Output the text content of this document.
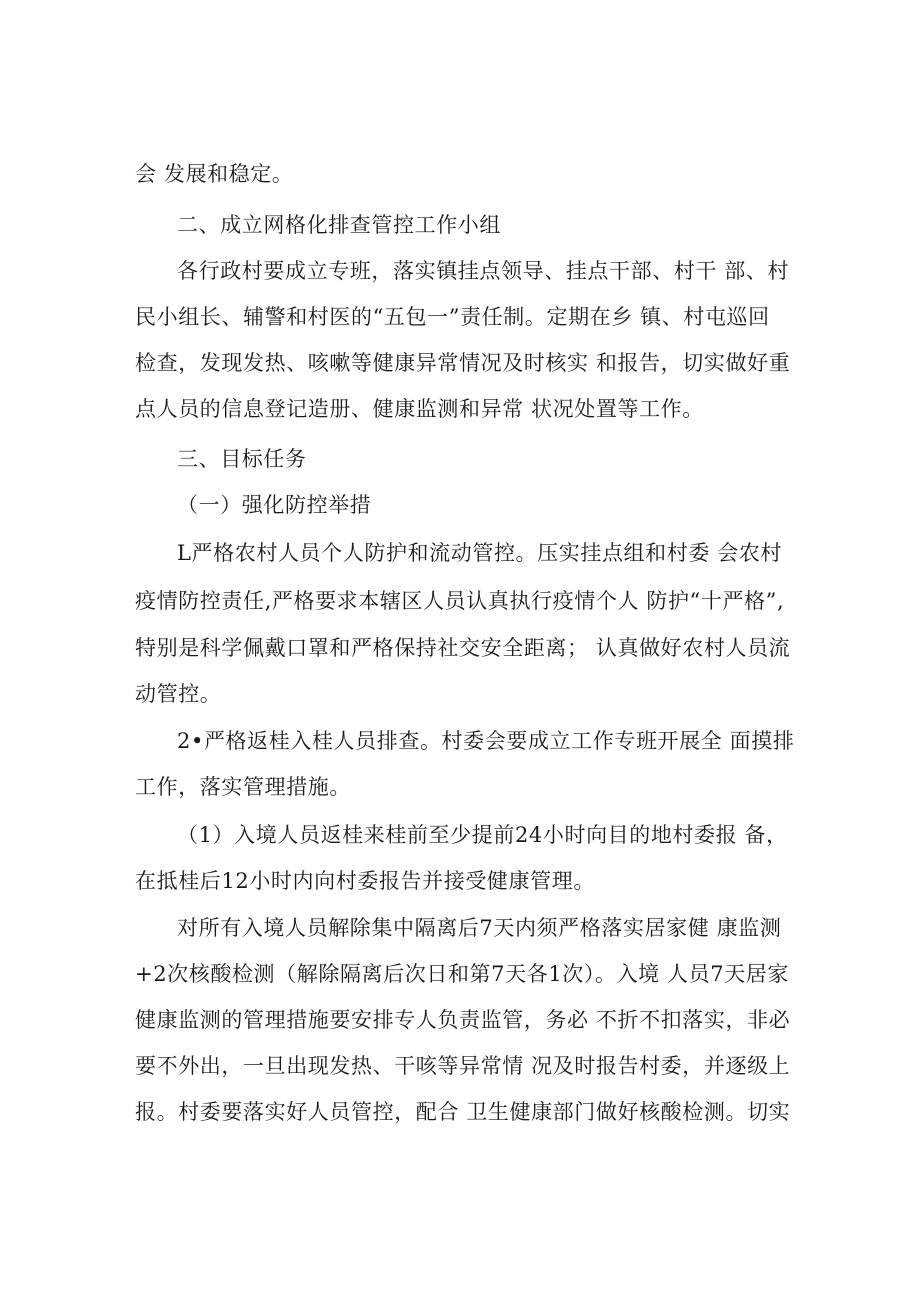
会 发展和稳定。
二、成立网格化排查管控工作小组
各行政村要成立专班，落实镇挂点领导、挂点干部、村干 部、村
民小组长、辅警和村医的“五包一”责任制。定期在乡 镇、村屯巡回
检查，发现发热、咳嗽等健康异常情况及时核实 和报告，切实做好重
点人员的信息登记造册、健康监测和异常 状况处置等工作。
三、目标任务
（一）强化防控举措
L严格农村人员个人防护和流动管控。压实挂点组和村委 会农村
疫情防控责任,严格要求本辖区人员认真执行疫情个人 防护“十严格”,
特别是科学佩戴口罩和严格保持社交安全距离； 认真做好农村人员流
动管控。
2•严格返桂入桂人员排查。村委会要成立工作专班开展全 面摸排
工作，落实管理措施。
（1）入境人员返桂来桂前至少提前24小时向目的地村委报 备，
在抵桂后12小时内向村委报告并接受健康管理。
对所有入境人员解除集中隔离后7天内须严格落实居家健 康监测
+2次核酸检测（解除隔离后次日和第7天各1次）。入境 人员7天居家
健康监测的管理措施要安排专人负责监管，务必 不折不扣落实，非必
要不外出，一旦出现发热、干咳等异常情 况及时报告村委，并逐级上
报。村委要落实好人员管控，配合 卫生健康部门做好核酸检测。切实
